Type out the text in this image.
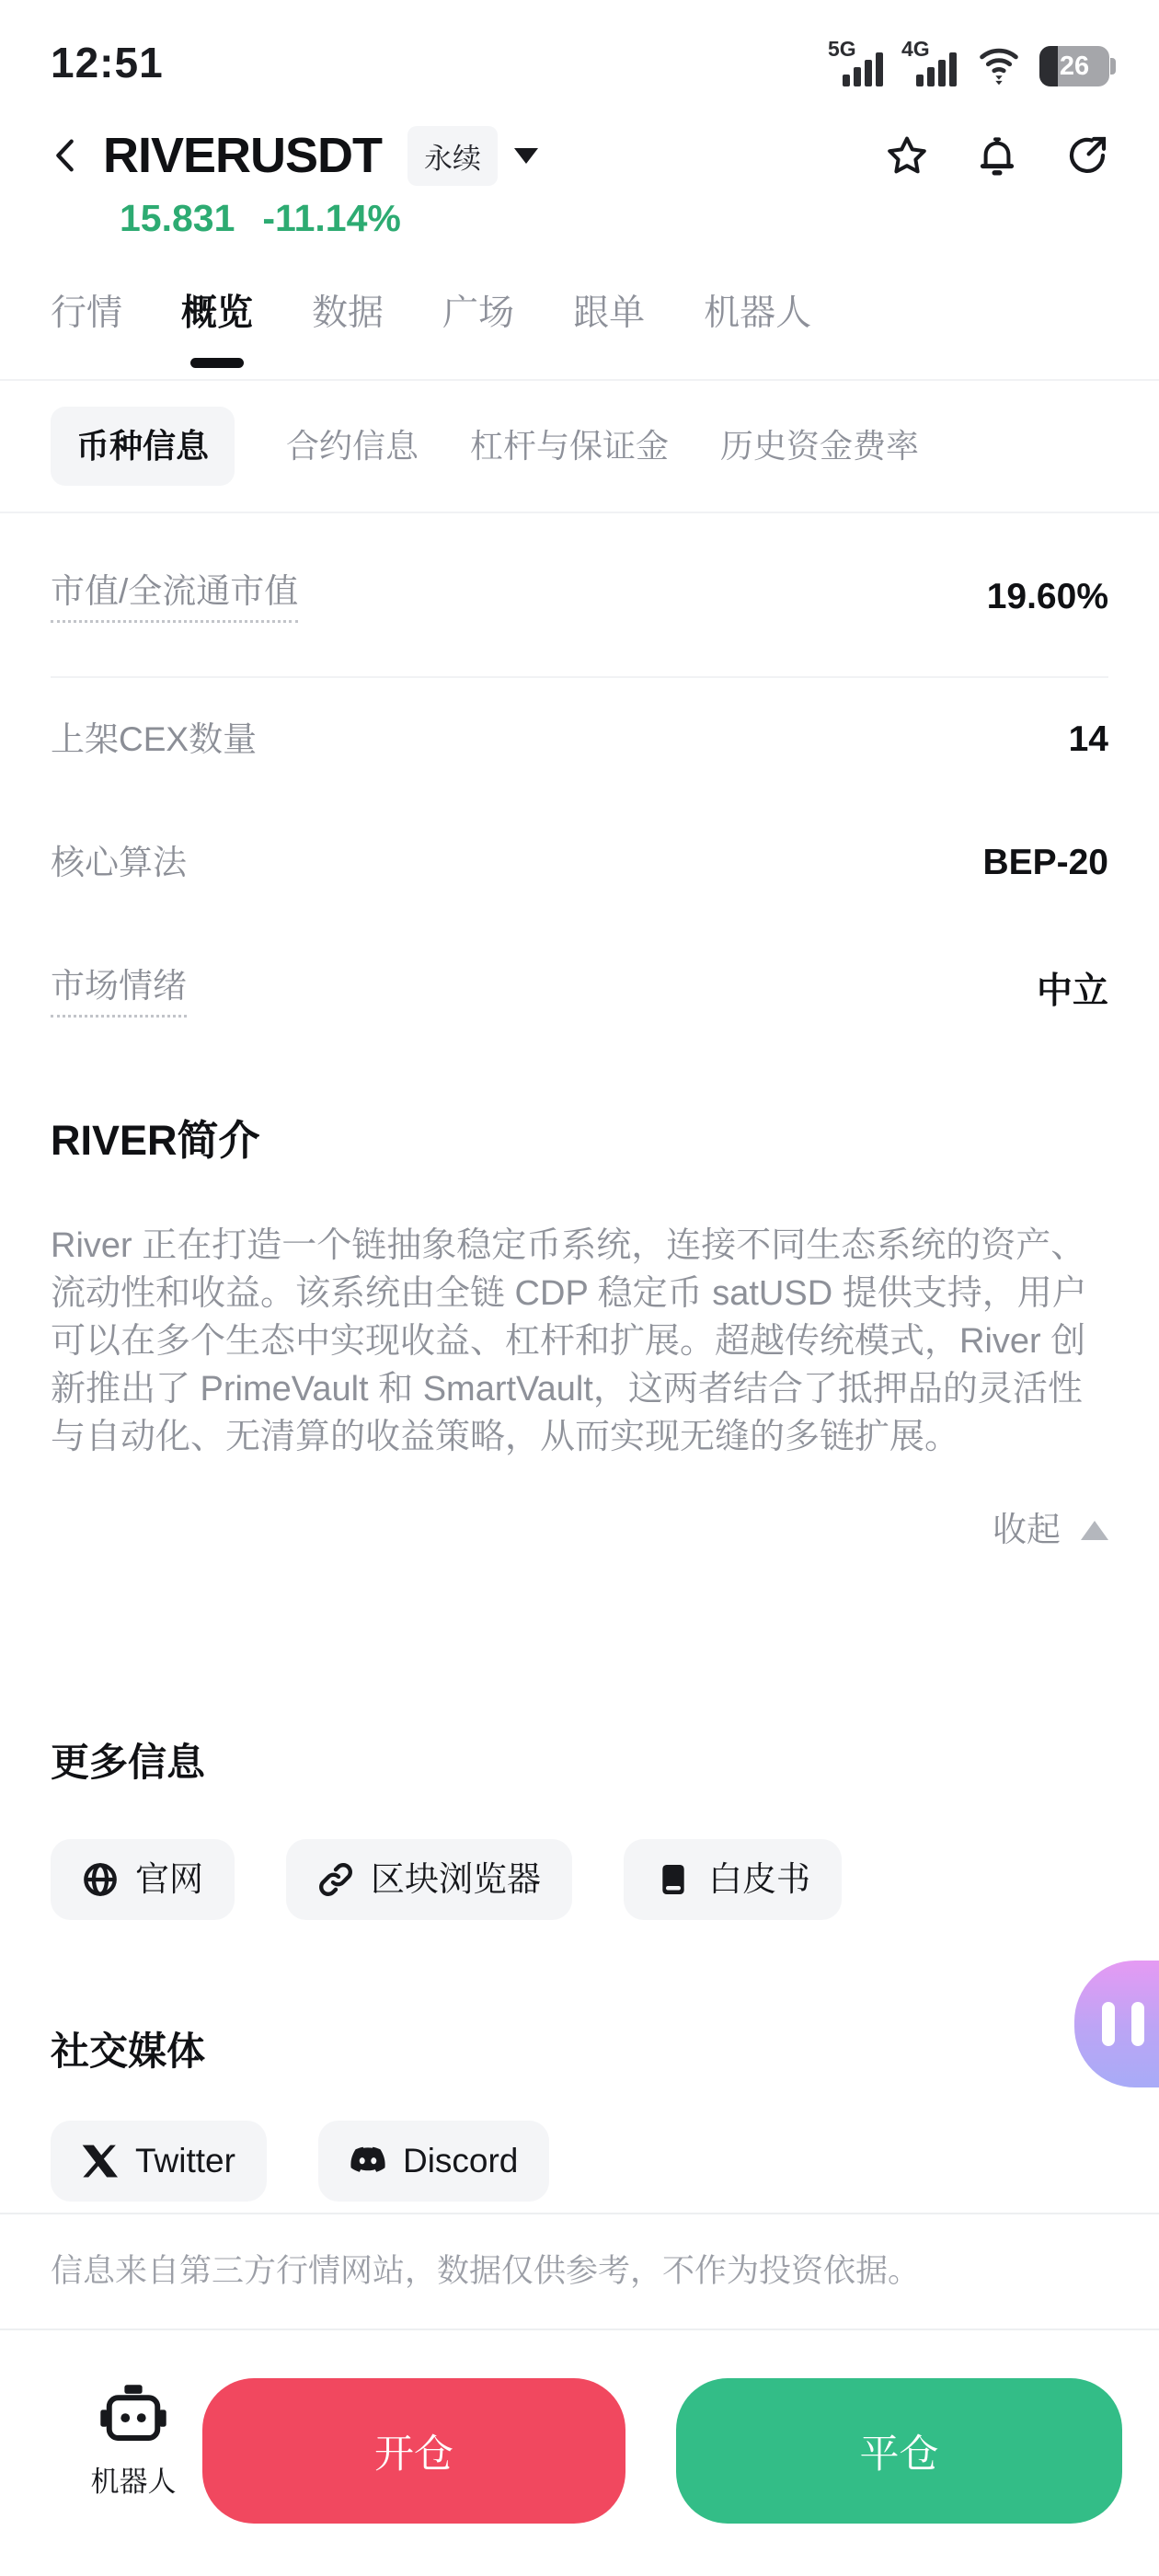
12:51	5G 4G
26
RIVERUSDT	永续
15.831 -11.14%
行情 概览 数据 广场 跟单 机器人
币种信息	合约信息 杠杆与保证金 历史资金费率
市值/全流通市值	19.60%
上架CEX数量	14
核心算法	BEP-20
市场情绪	中立
RIVER简介
River 正在打造一个链抽象稳定币系统，连接不同生态系统的资产、流动性和收益。该系统由全链 CDP 稳定币 satUSD 提供支持，用户可以在多个生态中实现收益、杠杆和扩展。超越传统模式，River 创新推出了 PrimeVault 和 SmartVault，这两者结合了抵押品的灵活性与自动化、无清算的收益策略，从而实现无缝的多链扩展。
收起
更多信息
官网	区块浏览器	白皮书
社交媒体
Twitter	Discord
信息来自第三方行情网站，数据仅供参考，不作为投资依据。
机器人
开仓	平仓
